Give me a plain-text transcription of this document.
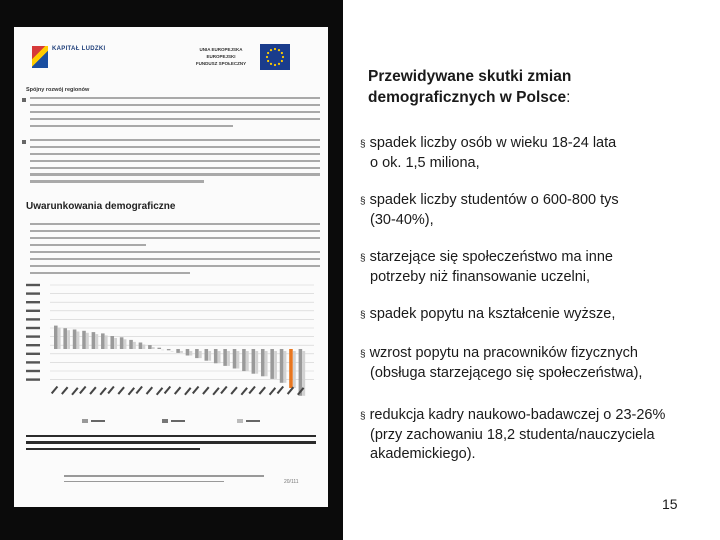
KAPITAŁ LUDZKI	UNIA EUROPEJSKA
EUROPEJSKI
FUNDUSZ SPOŁECZNY
Spójny rozwój regionów
Uwarunkowania demograficzne
20/111
Przewidywane skutki zmian demograficznych w Polsce:
§ spadek liczby osób w wieku 18-24 lata
o ok. 1,5 miliona,
§ spadek liczby studentów o 600-800 tys
(30-40%),
§ starzejące się społeczeństwo ma inne
potrzeby niż finansowanie uczelni,
§ spadek popytu na kształcenie wyższe,
§ wzrost popytu na pracowników fizycznych
(obsługa starzejącego się społeczeństwa),
§ redukcja kadry naukowo-badawczej o 23-26%
(przy zachowaniu 18,2 studenta/nauczyciela
akademickiego).
15
